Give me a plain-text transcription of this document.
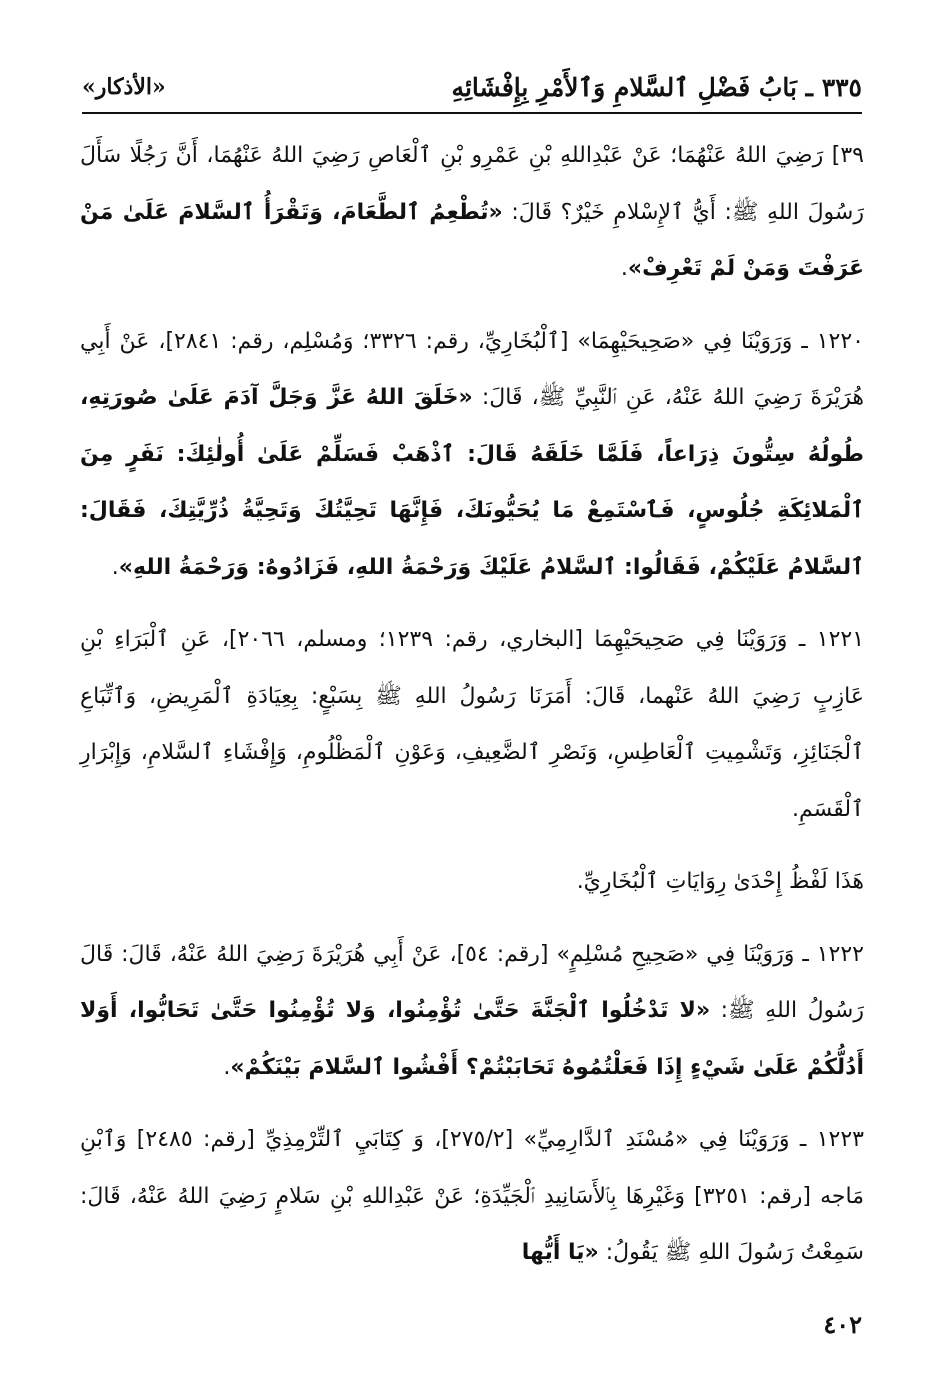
٣٣٥ ـ بَابُ فَضْلِ ٱلسَّلامِ وَٱلأَمْرِ بِإِفْشَائِهِ
«الأذكار»

٣٩] رَضِيَ اللهُ عَنْهُمَا؛ عَنْ عَبْدِاللهِ بْنِ عَمْرِو بْنِ ٱلْعَاصِ رَضِيَ اللهُ عَنْهُمَا، أَنَّ رَجُلًا سَأَلَ رَسُولَ اللهِ ﷺ: أَيُّ ٱلإِسْلامِ خَيْرٌ؟ قَالَ: «تُطْعِمُ ٱلطَّعَامَ، وَتَقْرَأُ ٱلسَّلامَ عَلَىٰ مَنْ عَرَفْتَ وَمَنْ لَمْ تَعْرِفْ».

١٢٢٠ ـ وَرَوَيْنَا فِي «صَحِيحَيْهِمَا» [ٱلْبُخَارِيِّ، رقم: ٣٣٢٦؛ وَمُسْلِم، رقم: ٢٨٤١]، عَنْ أَبِي هُرَيْرَةَ رَضِيَ اللهُ عَنْهُ، عَنِ ٱلنَّبِيِّ ﷺ، قَالَ: «خَلَقَ اللهُ عَزَّ وَجَلَّ آدَمَ عَلَىٰ صُورَتِهِ، طُولُهُ سِتُّونَ ذِرَاعاً، فَلَمَّا خَلَقَهُ قَالَ: ٱذْهَبْ فَسَلِّمْ عَلَىٰ أُولٰئِكَ: نَفَرٍ مِنَ ٱلْمَلائِكَةِ جُلُوسٍ، فَٱسْتَمِعْ مَا يُحَيُّونَكَ، فَإِنَّهَا تَحِيَّتُكَ وَتَحِيَّةُ ذُرِّيَّتِكَ، فَقَالَ: ٱلسَّلامُ عَلَيْكُمْ، فَقَالُوا: ٱلسَّلامُ عَلَيْكَ وَرَحْمَةُ اللهِ، فَزَادُوهُ: وَرَحْمَةُ اللهِ».

١٢٢١ ـ وَرَوَيْنَا فِي صَحِيحَيْهِمَا [البخاري، رقم: ١٢٣٩؛ ومسلم، ٢٠٦٦]، عَنِ ٱلْبَرَاءِ بْنِ عَازِبٍ رَضِيَ اللهُ عَنْهما، قَالَ: أَمَرَنَا رَسُولُ اللهِ ﷺ بِسَبْعٍ: بِعِيَادَةِ ٱلْمَرِيضِ، وَٱتِّبَاعِ ٱلْجَنَائِزِ، وَتَشْمِيتِ ٱلْعَاطِسِ، وَنَصْرِ ٱلضَّعِيفِ، وَعَوْنِ ٱلْمَظْلُومِ، وَإِفْشَاءِ ٱلسَّلامِ، وَإِبْرَارِ ٱلْقَسَمِ.

هَذَا لَفْظُ إِحْدَىٰ رِوَايَاتِ ٱلْبُخَارِيِّ.

١٢٢٢ ـ وَرَوَيْنَا فِي «صَحِيحِ مُسْلِمٍ» [رقم: ٥٤]، عَنْ أَبِي هُرَيْرَةَ رَضِيَ اللهُ عَنْهُ، قَالَ: قَالَ رَسُولُ اللهِ ﷺ: «لا تَدْخُلُوا ٱلْجَنَّةَ حَتَّىٰ تُؤْمِنُوا، وَلا تُؤْمِنُوا حَتَّىٰ تَحَابُّوا، أَوَلا أَدُلُّكُمْ عَلَىٰ شَيْءٍ إِذَا فَعَلْتُمُوهُ تَحَابَبْتُمْ؟ أَفْشُوا ٱلسَّلامَ بَيْنَكُمْ».

١٢٢٣ ـ وَرَوَيْنَا فِي «مُسْنَدِ ٱلدَّارِمِيِّ» [٢٧٥/٢]، وَ كِتَابَيِ ٱلتِّرْمِذِيِّ [رقم: ٢٤٨٥] وَٱبْنِ مَاجه [رقم: ٣٢٥١] وَغَيْرِهَا بِٱلأَسَانِيدِ ٱلْجَيِّدَةِ؛ عَنْ عَبْدِاللهِ بْنِ سَلامٍ رَضِيَ اللهُ عَنْهُ، قَالَ: سَمِعْتُ رَسُولَ اللهِ ﷺ يَقُولُ: «يَا أَيُّها

٤٠٢
